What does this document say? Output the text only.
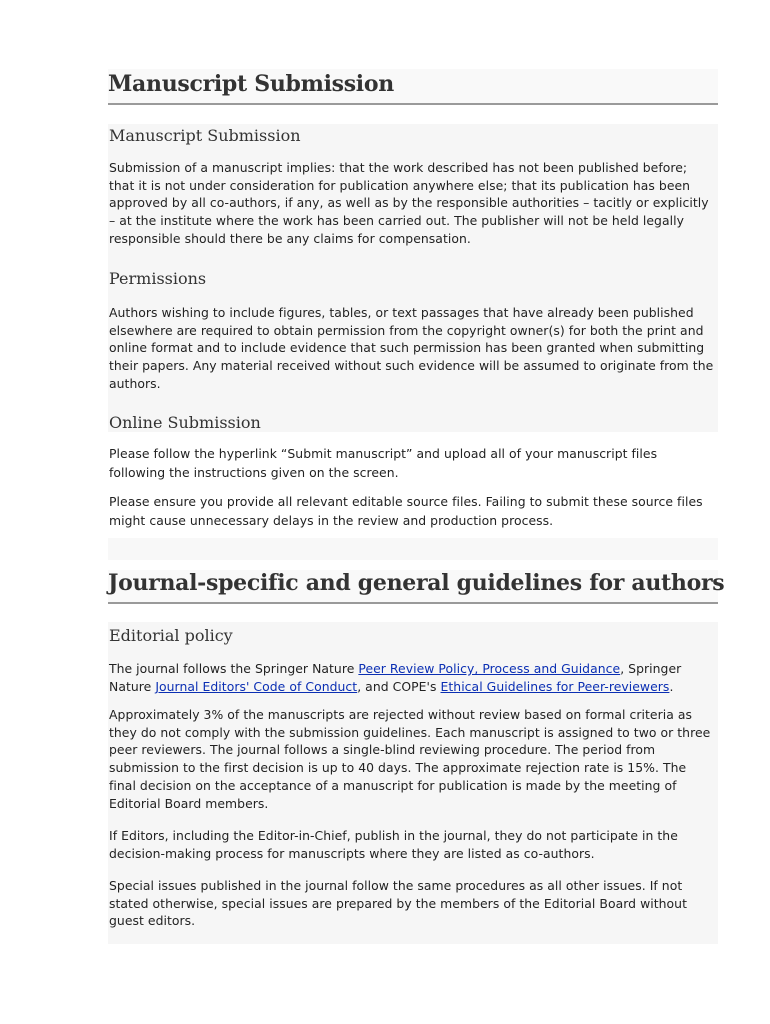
Manuscript Submission
Manuscript Submission

Submission of a manuscript implies: that the work described has not been published before; that it is not under consideration for publication anywhere else; that its publication has been approved by all co-authors, if any, as well as by the responsible authorities – tacitly or explicitly – at the institute where the work has been carried out. The publisher will not be held legally responsible should there be any claims for compensation.

Permissions

Authors wishing to include figures, tables, or text passages that have already been published elsewhere are required to obtain permission from the copyright owner(s) for both the print and online format and to include evidence that such permission has been granted when submitting their papers. Any material received without such evidence will be assumed to originate from the authors.

Online Submission

Please follow the hyperlink “Submit manuscript” and upload all of your manuscript files following the instructions given on the screen.

Please ensure you provide all relevant editable source files. Failing to submit these source files might cause unnecessary delays in the review and production process.

Journal-specific and general guidelines for authors
Editorial policy

The journal follows the Springer Nature Peer Review Policy, Process and Guidance, Springer Nature Journal Editors' Code of Conduct, and COPE's Ethical Guidelines for Peer-reviewers.

Approximately 3% of the manuscripts are rejected without review based on formal criteria as they do not comply with the submission guidelines. Each manuscript is assigned to two or three peer reviewers. The journal follows a single-blind reviewing procedure. The period from submission to the first decision is up to 40 days. The approximate rejection rate is 15%. The final decision on the acceptance of a manuscript for publication is made by the meeting of Editorial Board members.

If Editors, including the Editor-in-Chief, publish in the journal, they do not participate in the decision-making process for manuscripts where they are listed as co-authors.

Special issues published in the journal follow the same procedures as all other issues. If not stated otherwise, special issues are prepared by the members of the Editorial Board without guest editors.
